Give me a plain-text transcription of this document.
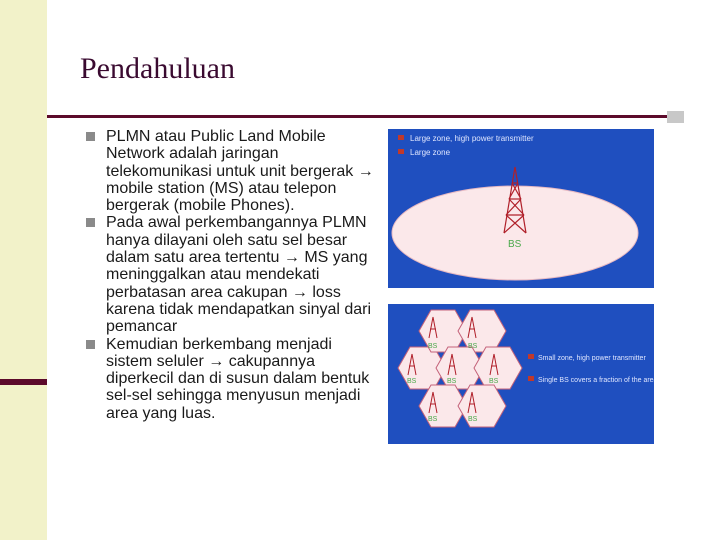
Pendahuluan
PLMN atau Public Land Mobile Network adalah jaringan telekomunikasi untuk unit bergerak → mobile station (MS) atau telepon bergerak (mobile Phones).
Pada awal perkembangannya PLMN hanya dilayani oleh satu sel besar dalam satu area tertentu → MS yang meninggalkan atau mendekati perbatasan area cakupan → loss karena tidak mendapatkan sinyal dari pemancar
Kemudian berkembang menjadi sistem seluler → cakupannya diperkecil dan di susun dalam bentuk sel-sel sehingga menyusun menjadi area yang luas.
Large zone, high power transmitter
Large zone
BS
BS	BS
BS	BS	BS
BS	BS
Small zone, high power transmitter
Single BS covers a fraction of the area
